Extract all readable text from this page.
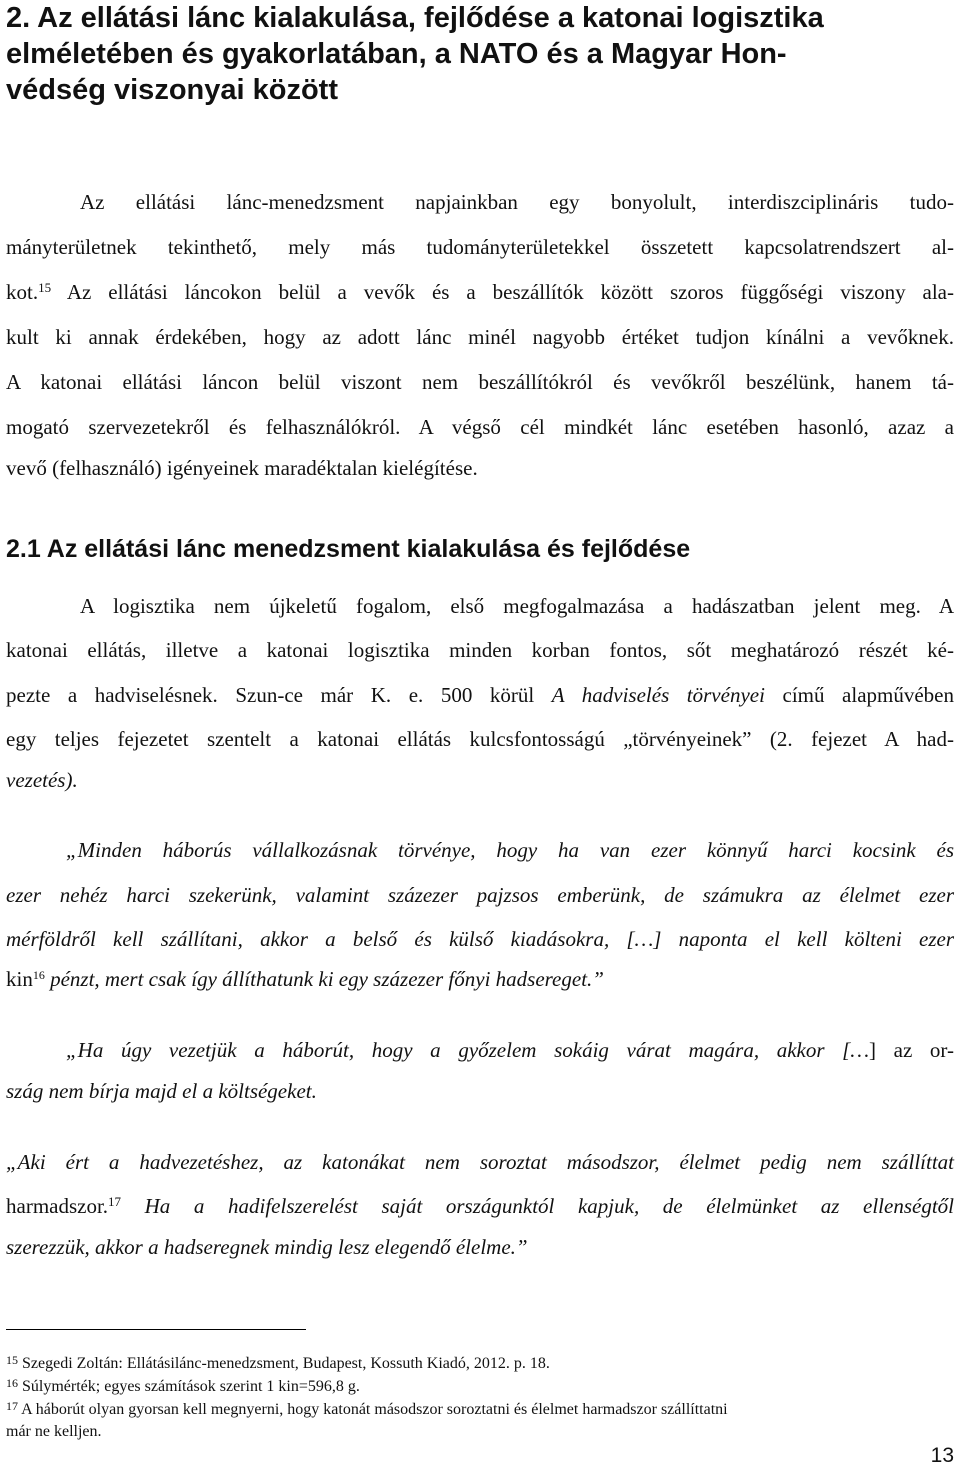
2. Az ellátási lánc kialakulása, fejlődése a katonai logisztika
elméletében és gyakorlatában, a NATO és a Magyar Hon-
védség viszonyai között
Az ellátási lánc-menedzsment napjainkban egy bonyolult, interdiszciplináris tudo-
mányterületnek tekinthető, mely más tudományterületekkel összetett kapcsolatrendszert al-
kot.$^{15}$ Az ellátási láncokon belül a vevők és a beszállítók között szoros függőségi viszony ala-
kult ki annak érdekében, hogy az adott lánc minél nagyobb értéket tudjon kínálni a vevőknek.
A katonai ellátási láncon belül viszont nem beszállítókról és vevőkről beszélünk, hanem tá-
mogató szervezetekről és felhasználókról. A végső cél mindkét lánc esetében hasonló, azaz a
vevő (felhasználó) igényeinek maradéktalan kielégítése.
2.1 Az ellátási lánc menedzsment kialakulása és fejlődése
A logisztika nem újkeletű fogalom, első megfogalmazása a hadászatban jelent meg. A
katonai ellátás, illetve a katonai logisztika minden korban fontos, sőt meghatározó részét ké-
pezte a hadviselésnek. Szun-ce már K. e. 500 körül A hadviselés törvényei című alapművében
egy teljes fejezetet szentelt a katonai ellátás kulcsfontosságú „törvényeinek” (2. fejezet A had-
vezetés).
„Minden háborús vállalkozásnak törvénye, hogy ha van ezer könnyű harci kocsink és
ezer nehéz harci szekerünk, valamint százezer pajzsos emberünk, de számukra az élelmet ezer
mérföldről kell szállítani, akkor a belső és külső kiadásokra, […] naponta el kell költeni ezer
kin$^{16}$ pénzt, mert csak így állíthatunk ki egy százezer főnyi hadsereget.”
„Ha úgy vezetjük a háborút, hogy a győzelem sokáig várat magára, akkor […] az or-
szág nem bírja majd el a költségeket.
„Aki ért a hadvezetéshez, az katonákat nem soroztat másodszor, élelmet pedig nem szállíttat
harmadszor.$^{17}$ Ha a hadifelszerelést saját országunktól kapjuk, de élelmünket az ellenségtől
szerezzük, akkor a hadseregnek mindig lesz elegendő élelme.”
$^{15}$ Szegedi Zoltán: Ellátásilánc-menedzsment, Budapest, Kossuth Kiadó, 2012. p. 18.
$^{16}$ Súlymérték; egyes számítások szerint 1 kin=596,8 g.
$^{17}$ A háborút olyan gyorsan kell megnyerni, hogy katonát másodszor soroztatni és élelmet harmadszor szállíttatni
már ne kelljen.
13
